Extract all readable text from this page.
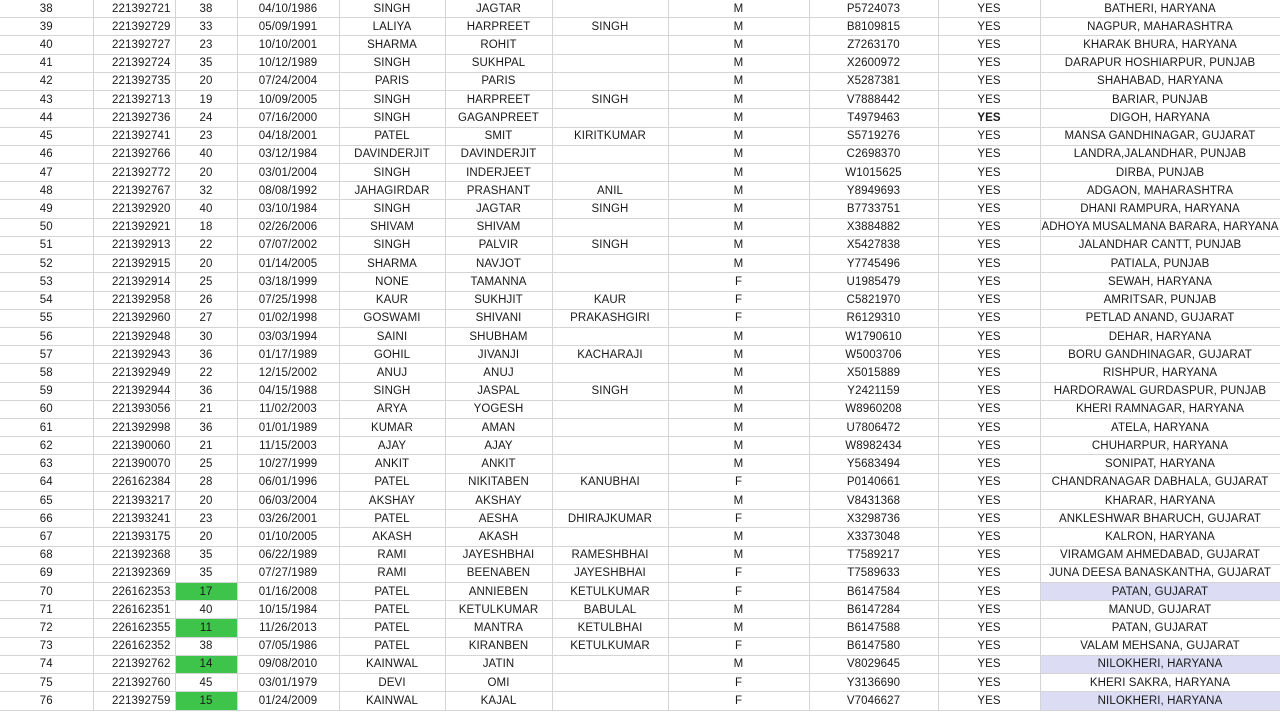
38	221392721	38	04/10/1986	SINGH	JAGTAR		M	P5724073	YES	BATHERI, HARYANA
39	221392729	33	05/09/1991	LALIYA	HARPREET	SINGH	M	B8109815	YES	NAGPUR, MAHARASHTRA
40	221392727	23	10/10/2001	SHARMA	ROHIT		M	Z7263170	YES	KHARAK BHURA, HARYANA
41	221392724	35	10/12/1989	SINGH	SUKHPAL		M	X2600972	YES	DARAPUR HOSHIARPUR, PUNJAB
42	221392735	20	07/24/2004	PARIS	PARIS		M	X5287381	YES	SHAHABAD, HARYANA
43	221392713	19	10/09/2005	SINGH	HARPREET	SINGH	M	V7888442	YES	BARIAR, PUNJAB
44	221392736	24	07/16/2000	SINGH	GAGANPREET		M	T4979463	YES	DIGOH, HARYANA
45	221392741	23	04/18/2001	PATEL	SMIT	KIRITKUMAR	M	S5719276	YES	MANSA GANDHINAGAR, GUJARAT
46	221392766	40	03/12/1984	DAVINDERJIT	DAVINDERJIT		M	C2698370	YES	LANDRA,JALANDHAR, PUNJAB
47	221392772	20	03/01/2004	SINGH	INDERJEET		M	W1015625	YES	DIRBA, PUNJAB
48	221392767	32	08/08/1992	JAHAGIRDAR	PRASHANT	ANIL	M	Y8949693	YES	ADGAON, MAHARASHTRA
49	221392920	40	03/10/1984	SINGH	JAGTAR	SINGH	M	B7733751	YES	DHANI RAMPURA, HARYANA
50	221392921	18	02/26/2006	SHIVAM	SHIVAM		M	X3884882	YES	ADHOYA MUSALMANA BARARA, HARYANA
51	221392913	22	07/07/2002	SINGH	PALVIR	SINGH	M	X5427838	YES	JALANDHAR CANTT, PUNJAB
52	221392915	20	01/14/2005	SHARMA	NAVJOT		M	Y7745496	YES	PATIALA, PUNJAB
53	221392914	25	03/18/1999	NONE	TAMANNA		F	U1985479	YES	SEWAH, HARYANA
54	221392958	26	07/25/1998	KAUR	SUKHJIT	KAUR	F	C5821970	YES	AMRITSAR, PUNJAB
55	221392960	27	01/02/1998	GOSWAMI	SHIVANI	PRAKASHGIRI	F	R6129310	YES	PETLAD ANAND, GUJARAT
56	221392948	30	03/03/1994	SAINI	SHUBHAM		M	W1790610	YES	DEHAR, HARYANA
57	221392943	36	01/17/1989	GOHIL	JIVANJI	KACHARAJI	M	W5003706	YES	BORU GANDHINAGAR, GUJARAT
58	221392949	22	12/15/2002	ANUJ	ANUJ		M	X5015889	YES	RISHPUR, HARYANA
59	221392944	36	04/15/1988	SINGH	JASPAL	SINGH	M	Y2421159	YES	HARDORAWAL GURDASPUR, PUNJAB
60	221393056	21	11/02/2003	ARYA	YOGESH		M	W8960208	YES	KHERI RAMNAGAR, HARYANA
61	221392998	36	01/01/1989	KUMAR	AMAN		M	U7806472	YES	ATELA, HARYANA
62	221390060	21	11/15/2003	AJAY	AJAY		M	W8982434	YES	CHUHARPUR, HARYANA
63	221390070	25	10/27/1999	ANKIT	ANKIT		M	Y5683494	YES	SONIPAT, HARYANA
64	226162384	28	06/01/1996	PATEL	NIKITABEN	KANUBHAI	F	P0140661	YES	CHANDRANAGAR DABHALA, GUJARAT
65	221393217	20	06/03/2004	AKSHAY	AKSHAY		M	V8431368	YES	KHARAR, HARYANA
66	221393241	23	03/26/2001	PATEL	AESHA	DHIRAJKUMAR	F	X3298736	YES	ANKLESHWAR BHARUCH, GUJARAT
67	221393175	20	01/10/2005	AKASH	AKASH		M	X3373048	YES	KALRON, HARYANA
68	221392368	35	06/22/1989	RAMI	JAYESHBHAI	RAMESHBHAI	M	T7589217	YES	VIRAMGAM AHMEDABAD, GUJARAT
69	221392369	35	07/27/1989	RAMI	BEENABEN	JAYESHBHAI	F	T7589633	YES	JUNA DEESA BANASKANTHA, GUJARAT
70	226162353	17	01/16/2008	PATEL	ANNIEBEN	KETULKUMAR	F	B6147584	YES	PATAN, GUJARAT
71	226162351	40	10/15/1984	PATEL	KETULKUMAR	BABULAL	M	B6147284	YES	MANUD, GUJARAT
72	226162355	11	11/26/2013	PATEL	MANTRA	KETULBHAI	M	B6147588	YES	PATAN, GUJARAT
73	226162352	38	07/05/1986	PATEL	KIRANBEN	KETULKUMAR	F	B6147580	YES	VALAM MEHSANA, GUJARAT
74	221392762	14	09/08/2010	KAINWAL	JATIN		M	V8029645	YES	NILOKHERI, HARYANA
75	221392760	45	03/01/1979	DEVI	OMI		F	Y3136690	YES	KHERI SAKRA, HARYANA
76	221392759	15	01/24/2009	KAINWAL	KAJAL		F	V7046627	YES	NILOKHERI, HARYANA
